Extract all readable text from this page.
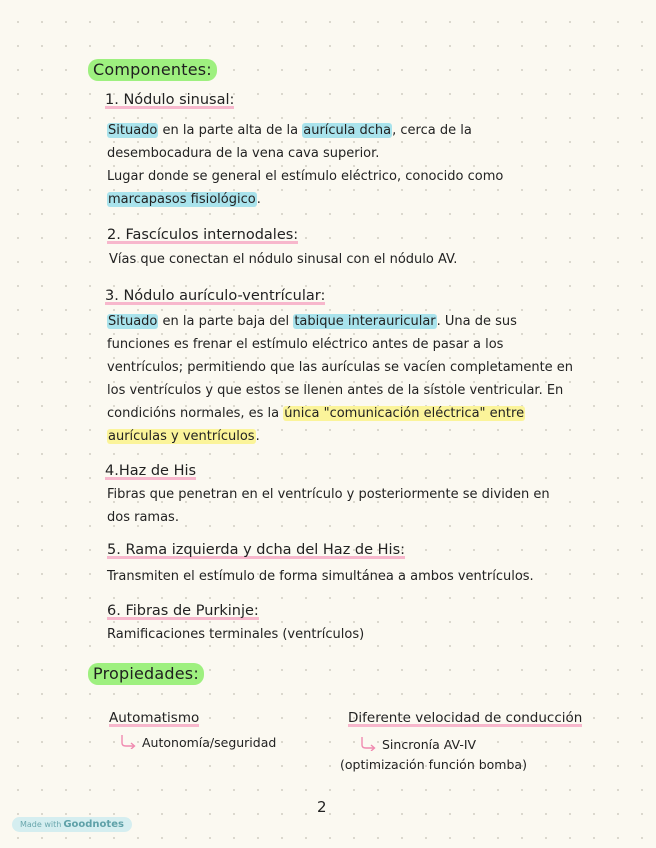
Componentes:
1. Nódulo sinusal:
Situado en la parte alta de la aurícula dcha, cerca de la
desembocadura de la vena cava superior.
Lugar donde se general el estímulo eléctrico, conocido como
marcapasos fisiológico.
2. Fascículos internodales:
Vías que conectan el nódulo sinusal con el nódulo AV.
3. Nódulo aurículo-ventrícular:
Situado en la parte baja del tabique interauricular. Una de sus
funciones es frenar el estímulo eléctrico antes de pasar a los
ventrículos; permitiendo que las aurículas se vacíen completamente en
los ventrículos y que estos se llenen antes de la sístole ventricular. En
condicións normales, es la única "comunicación eléctrica" entre
aurículas y ventrículos.
4.Haz de His
Fibras que penetran en el ventrículo y posteriormente se dividen en
dos ramas.
5. Rama izquierda y dcha del Haz de His:
Transmiten el estímulo de forma simultánea a ambos ventrículos.
6. Fibras de Purkinje:
Ramificaciones terminales (ventrículos)
Propiedades:
Automatismo
Autonomía/seguridad
Diferente velocidad de conducción
Sincronía AV-IV
(optimización función bomba)
2
Made with Goodnotes
